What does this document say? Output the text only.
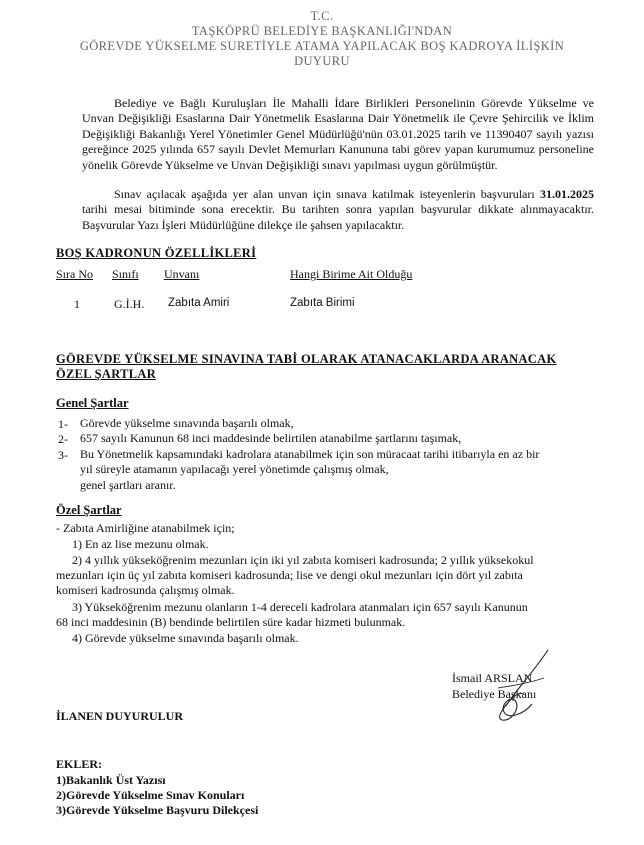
T.C.
TAŞKÖPRÜ BELEDİYE BAŞKANLIĞI'NDAN
GÖREVDE YÜKSELME SURETİYLE ATAMA YAPILACAK BOŞ KADROYA İLİŞKİN
DUYURU
Belediye ve Bağlı Kuruluşları İle Mahalli İdare Birlikleri Personelinin Görevde Yükselme ve Unvan Değişikliği Esaslarına Dair Yönetmelik Esaslarına Dair Yönetmelik ile Çevre Şehircilik ve İklim Değişikliği Bakanlığı Yerel Yönetimler Genel Müdürlüğü'nün 03.01.2025 tarih ve 11390407 sayılı yazısı gereğince 2025 yılında 657 sayılı Devlet Memurları Kanununa tabi görev yapan kurumumuz personeline yönelik Görevde Yükselme ve Unvan Değişikliği sınavı yapılması uygun görülmüştür.
Sınav açılacak aşağıda yer alan unvan için sınava katılmak isteyenlerin başvuruları 31.01.2025 tarihi mesai bitiminde sona erecektir. Bu tarihten sonra yapılan başvurular dikkate alınmayacaktır. Başvurular Yazı İşleri Müdürlüğüne dilekçe ile şahsen yapılacaktır.
BOŞ KADRONUN ÖZELLİKLERİ
Sıra No Sınıfı Unvanı	Hangi Birime Ait Olduğu
1	G.İ.H. Zabıta Amiri	Zabıta Birimi
GÖREVDE YÜKSELME SINAVINA TABİ OLARAK ATANACAKLARDA ARANACAK
ÖZEL ŞARTLAR
Genel Şartlar
1- Görevde yükselme sınavında başarılı olmak,
2- 657 sayılı Kanunun 68 inci maddesinde belirtilen atanabilme şartlarını taşımak,
3- Bu Yönetmelik kapsamındaki kadrolara atanabilmek için son müracaat tarihi itibarıyla en az bir
yıl süreyle atamanın yapılacağı yerel yönetimde çalışmış olmak,
genel şartları aranır.
Özel Şartlar
- Zabıta Amirliğine atanabilmek için;
1) En az lise mezunu olmak.
2) 4 yıllık yükseköğrenim mezunları için iki yıl zabıta komiseri kadrosunda; 2 yıllık yüksekokul
mezunları için üç yıl zabıta komiseri kadrosunda; lise ve dengi okul mezunları için dört yıl zabıta
komiseri kadrosunda çalışmış olmak.
3) Yükseköğrenim mezunu olanların 1-4 dereceli kadrolara atanmaları için 657 sayılı Kanunun
68 inci maddesinin (B) bendinde belirtilen süre kadar hizmeti bulunmak.
4) Görevde yükselme sınavında başarılı olmak.
İsmail ARSLAN
Belediye Başkanı
İLANEN DUYURULUR
EKLER:
1)Bakanlık Üst Yazısı
2)Görevde Yükselme Sınav Konuları
3)Görevde Yükselme Başvuru Dilekçesi
